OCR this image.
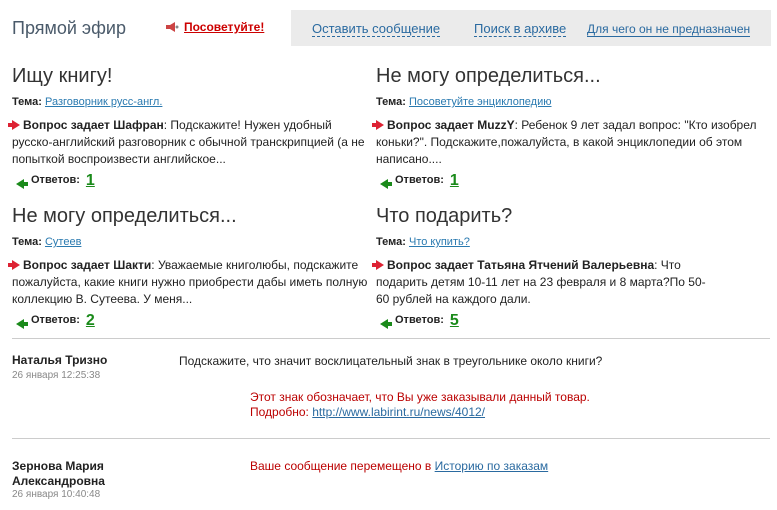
Прямой эфир	Посоветуйте!	Оставить сообщение	Поиск в архиве Для чего он не предназначен
Ищу книгу!
Тема: Разговорник русс-англ.
Вопрос задает Шафран: Подскажите! Нужен удобный русско-английский разговорник с обычной транскрипцией (а не попыткой воспроизвести английское...
Ответов: 1
Не могу определиться...
Тема: Посоветуйте энциклопедию
Вопрос задает MuzzY: Ребенок 9 лет задал вопрос: "Кто изобрел коньки?". Подскажите,пожалуйста, в какой энциклопедии об этом написано....
Ответов: 1
Не могу определиться...
Тема: Сутеев
Вопрос задает Шакти: Уважаемые книголюбы, подскажите пожалуйста, какие книги нужно приобрести дабы иметь полную коллекцию В. Сутеева. У меня...
Ответов: 2
Что подарить?
Тема: Что купить?
Вопрос задает Татьяна Ятчений Валерьевна: Что подарить детям 10-11 лет на 23 февраля и 8 марта?По 50-60 рублей на каждого дали.
Ответов: 5
Наталья Тризно
26 января 12:25:38
Подскажите, что значит восклицательный знак в треугольнике около книги?
Этот знак обозначает, что Вы уже заказывали данный товар.
Подробно: http://www.labirint.ru/news/4012/
Зернова Мария
Александровна
26 января 10:40:48
Ваше сообщение перемещено в Историю по заказам
